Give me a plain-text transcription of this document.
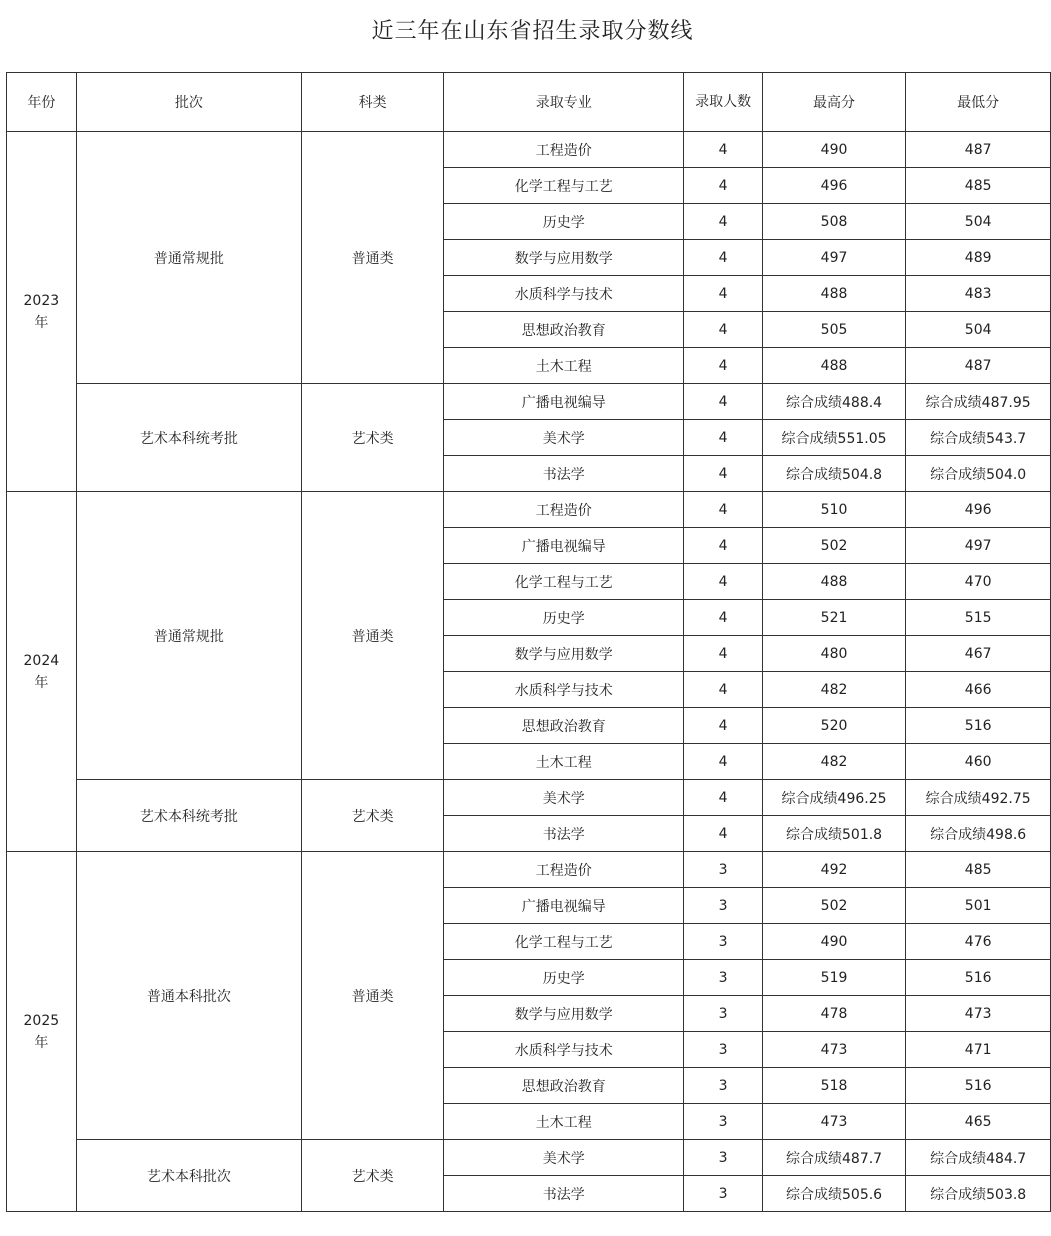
近三年在山东省招生录取分数线
年份	批次	科类	录取专业	录取人数	最高分	最低分
2023
年	普通常规批	普通类	工程造价	4	490	487
			化学工程与工艺	4	496	485
			历史学	4	508	504
			数学与应用数学	4	497	489
			水质科学与技术	4	488	483
			思想政治教育	4	505	504
			土木工程	4	488	487
	艺术本科统考批	艺术类	广播电视编导	4	综合成绩488.4	综合成绩487.95
			美术学	4	综合成绩551.05	综合成绩543.7
			书法学	4	综合成绩504.8	综合成绩504.0
2024
年	普通常规批	普通类	工程造价	4	510	496
			广播电视编导	4	502	497
			化学工程与工艺	4	488	470
			历史学	4	521	515
			数学与应用数学	4	480	467
			水质科学与技术	4	482	466
			思想政治教育	4	520	516
			土木工程	4	482	460
	艺术本科统考批	艺术类	美术学	4	综合成绩496.25	综合成绩492.75
			书法学	4	综合成绩501.8	综合成绩498.6
2025
年	普通本科批次	普通类	工程造价	3	492	485
			广播电视编导	3	502	501
			化学工程与工艺	3	490	476
			历史学	3	519	516
			数学与应用数学	3	478	473
			水质科学与技术	3	473	471
			思想政治教育	3	518	516
			土木工程	3	473	465
	艺术本科批次	艺术类	美术学	3	综合成绩487.7	综合成绩484.7
			书法学	3	综合成绩505.6	综合成绩503.8
